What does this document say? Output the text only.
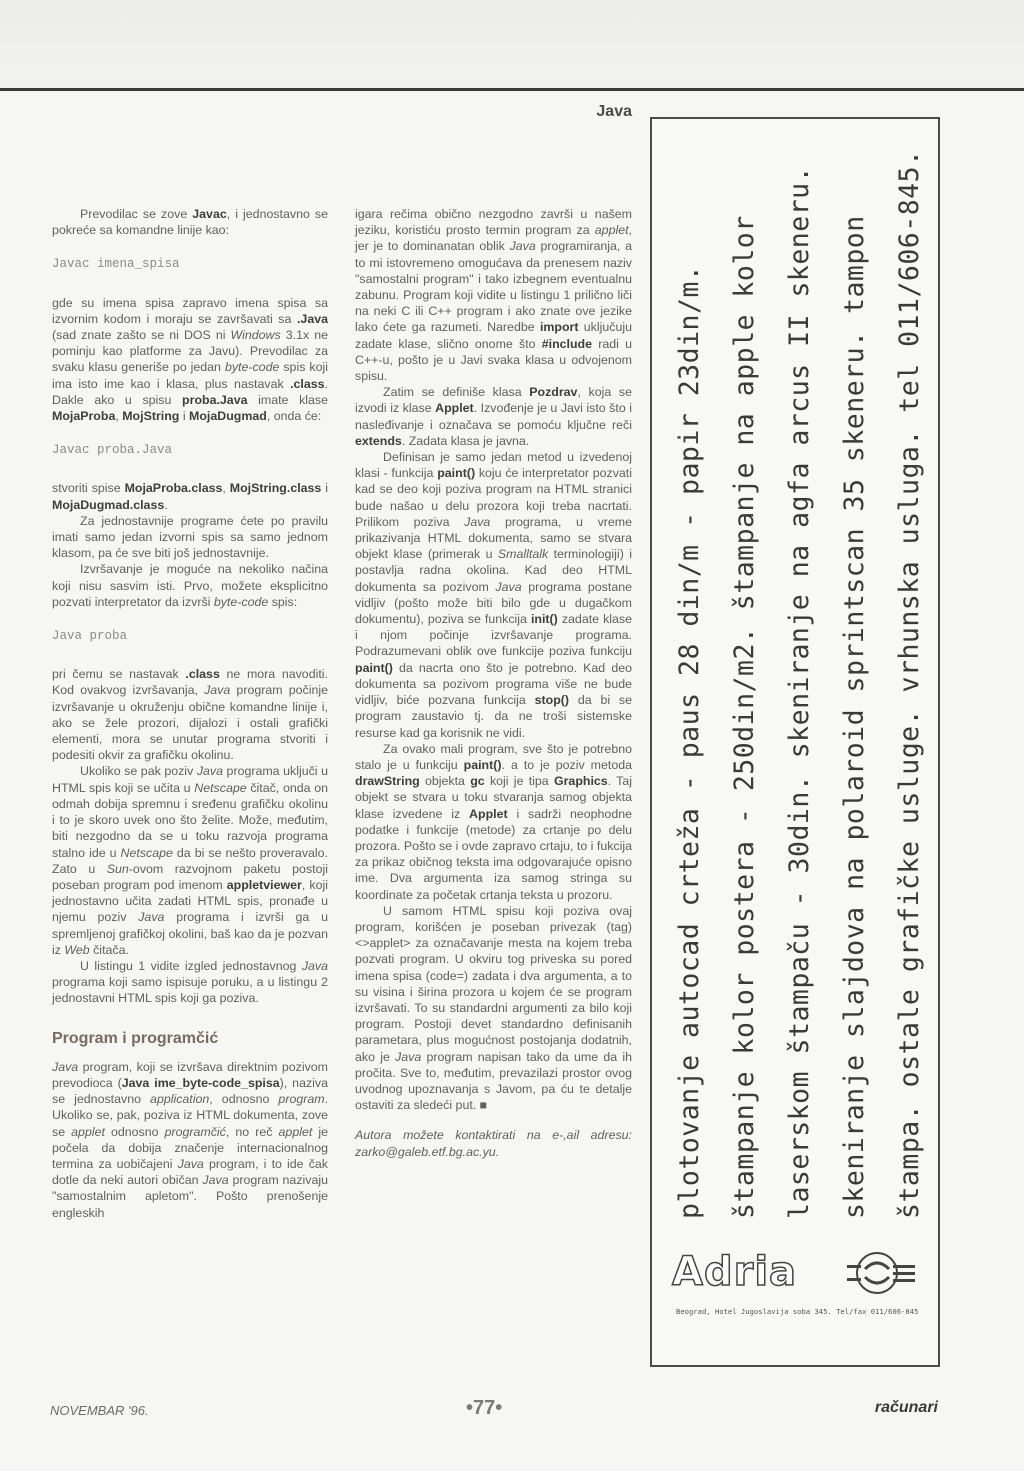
Java

Prevodilac se zove Javac, i jednostavno se pokreće sa komandne linije kao:

Javac imena_spisa

gde su imena spisa zapravo imena spisa sa izvornim kodom i moraju se završavati sa .Java (sad znate zašto se ni DOS ni Windows 3.1x ne pominju kao platforme za Javu). Prevodilac za svaku klasu generiše po jedan byte-code spis koji ima isto ime kao i klasa, plus nastavak .class. Dakle ako u spisu proba.Java imate klase MojaProba, MojString i MojaDugmad, onda će:

Javac proba.Java

stvoriti spise MojaProba.class, MojString.class i MojaDugmad.class.

Za jednostavnije programe ćete po pravilu imati samo jedan izvorni spis sa samo jednom klasom, pa će sve biti još jednostavnije.

Izvršavanje je moguće na nekoliko načina koji nisu sasvim isti. Prvo, možete eksplicitno pozvati interpretator da izvrši byte-code spis:

Java proba

pri čemu se nastavak .class ne mora navoditi. Kod ovakvog izvršavanja, Java program počinje izvršavanje u okruženju obične komandne linije i, ako se žele prozori, dijalozi i ostali grafički elementi, mora se unutar programa stvoriti i podesiti okvir za grafičku okolinu.

Ukoliko se pak poziv Java programa uključi u HTML spis koji se učita u Netscape čitač, onda on odmah dobija spremnu i sređenu grafičku okolinu i to je skoro uvek ono što želite. Može, međutim, biti nezgodno da se u toku razvoja programa stalno ide u Netscape da bi se nešto proveravalo. Zato u Sun-ovom razvojnom paketu postoji poseban program pod imenom appletviewer, koji jednostavno učita zadati HTML spis, pronađe u njemu poziv Java programa i izvrši ga u spremljenoj grafičkoj okolini, baš kao da je pozvan iz Web čitača.

U listingu 1 vidite izgled jednostavnog Java programa koji samo ispisuje poruku, a u listingu 2 jednostavni HTML spis koji ga poziva.

Program i programčić

Java program, koji se izvršava direktnim pozivom prevodioca (Java ime_byte-code_spisa), naziva se jednostavno application, odnosno program. Ukoliko se, pak, poziva iz HTML dokumenta, zove se applet odnosno programčić, no reč applet je počela da dobija značenje internacionalnog termina za uobičajeni Java program, i to ide čak dotle da neki autori običan Java program nazivaju "samostalnim apletom". Pošto prenošenje engleskih

igara rečima obično nezgodno završi u našem jeziku, koristiću prosto termin program za applet, jer je to dominanatan oblik Java programiranja, a to mi istovremeno omogućava da prenesem naziv "samostalni program" i tako izbegnem eventualnu zabunu. Program koji vidite u listingu 1 prilično liči na neki C ili C++ program i ako znate ove jezike lako ćete ga razumeti. Naredbe import uključuju zadate klase, slično onome što #include radi u C++-u, pošto je u Javi svaka klasa u odvojenom spisu.

Zatim se definiše klasa Pozdrav, koja se izvodi iz klase Applet. Izvođenje je u Javi isto što i nasleđivanje i označava se pomoću ključne reči extends. Zadata klasa je javna.

Definisan je samo jedan metod u izvedenoj klasi - funkcija paint() koju će interpretator pozvati kad se deo koji poziva program na HTML stranici bude našao u delu prozora koji treba nacrtati. Prilikom poziva Java programa, u vreme prikazivanja HTML dokumenta, samo se stvara objekt klase (primerak u Smalltalk terminologiji) i postavlja radna okolina. Kad deo HTML dokumenta sa pozivom Java programa postane vidljiv (pošto može biti bilo gde u dugačkom dokumentu), poziva se funkcija init() zadate klase i njom počinje izvršavanje programa. Podrazumevani oblik ove funkcije poziva funkciju paint() da nacrta ono što je potrebno. Kad deo dokumenta sa pozivom programa više ne bude vidljiv, biće pozvana funkcija stop() da bi se program zaustavio tj. da ne troši sistemske resurse kad ga korisnik ne vidi.

Za ovako mali program, sve što je potrebno stalo je u funkciju paint(). a to je poziv metoda drawString objekta gc koji je tipa Graphics. Taj objekt se stvara u toku stvaranja samog objekta klase izvedene iz Applet i sadrži neophodne podatke i funkcije (metode) za crtanje po delu prozora. Pošto se i ovde zapravo crtaju, to i fukcija za prikaz običnog teksta ima odgovarajuće opisno ime. Dva argumenta iza samog stringa su koordinate za početak crtanja teksta u prozoru.

U samom HTML spisu koji poziva ovaj program, korišćen je poseban privezak (tag) <>applet> za označavanje mesta na kojem treba pozvati program. U okviru tog priveska su pored imena spisa (code=) zadata i dva argumenta, a to su visina i širina prozora u kojem će se program izvršavati. To su standardni argumenti za bilo koji program. Postoji devet standardno definisanih parametara, plus mogućnost postojanja dodatnih, ako je Java program napisan tako da ume da ih pročita. Sve to, međutim, prevazilazi prostor ovog uvodnog upoznavanja s Javom, pa ću te detalje ostaviti za sledeći put. ■

Autora možete kontaktirati na e-,ail adresu: zarko@galeb.etf.bg.ac.yu.	plotovanje autocad crteža - paus 28 din/m - papir 23din/m. štampanje kolor postera - 250din/m2. štampanje na apple kolor laserskom štampaču - 30din. skeniranje na agfa arcus II skeneru. skeniranje slajdova na polaroid sprintscan 35 skeneru. tampon štampa. ostale grafičke usluge. vrhunska usluga. tel 011/606-845.
Adria
Beograd, Hotel Jugoslavija soba 345. Tel/fax 011/606-845
NOVEMBAR '96.	•77•	računari
